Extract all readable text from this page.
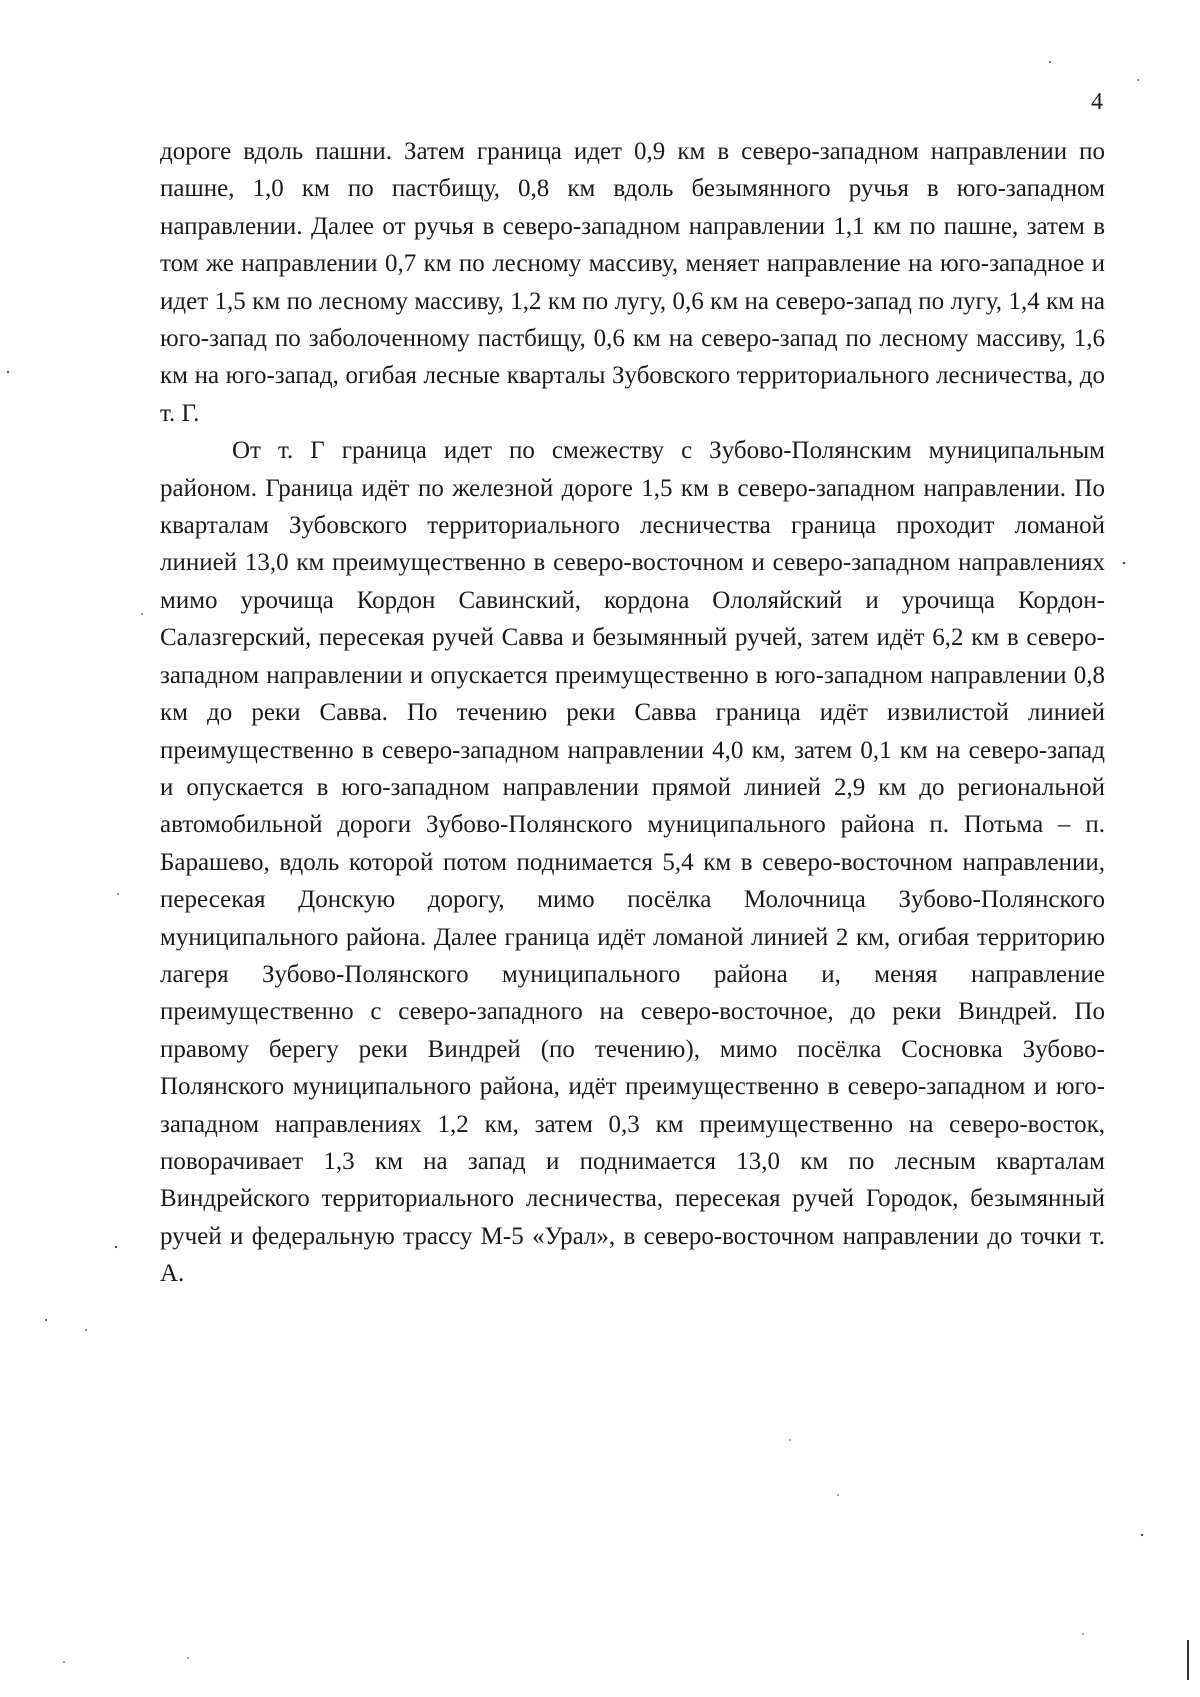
4

дороге вдоль пашни. Затем граница идет 0,9 км в северо-западном направлении по пашне, 1,0 км по пастбищу, 0,8 км вдоль безымянного ручья в юго-западном направлении. Далее от ручья в северо-западном направлении 1,1 км по пашне, затем в том же направлении 0,7 км по лесному массиву, меняет направление на юго-западное и идет 1,5 км по лесному массиву, 1,2 км по лугу, 0,6 км на северо-запад по лугу, 1,4 км на юго-запад по заболоченному пастбищу, 0,6 км на северо-запад по лесному массиву, 1,6 км на юго-запад, огибая лесные кварталы Зубовского территориального лесничества, до т. Г.

От т. Г граница идет по смежеству с Зубово-Полянским муниципальным районом. Граница идёт по железной дороге 1,5 км в северо-западном направлении. По кварталам Зубовского территориального лесничества граница проходит ломаной линией 13,0 км преимущественно в северо-восточном и северо-западном направлениях мимо урочища Кордон Савинский, кордона Ололяйский и урочища Кордон-Салазгерский, пересекая ручей Савва и безымянный ручей, затем идёт 6,2 км в северо-западном направлении и опускается преимущественно в юго-западном направлении 0,8 км до реки Савва. По течению реки Савва граница идёт извилистой линией преимущественно в северо-западном направлении 4,0 км, затем 0,1 км на северо-запад и опускается в юго-западном направлении прямой линией 2,9 км до региональной автомобильной дороги Зубово-Полянского муниципального района п. Потьма – п. Барашево, вдоль которой потом поднимается 5,4 км в северо-восточном направлении, пересекая Донскую дорогу, мимо посёлка Молочница Зубово-Полянского муниципального района. Далее граница идёт ломаной линией 2 км, огибая территорию лагеря Зубово-Полянского муниципального района и, меняя направление преимущественно с северо-западного на северо-восточное, до реки Виндрей. По правому берегу реки Виндрей (по течению), мимо посёлка Сосновка Зубово-Полянского муниципального района, идёт преимущественно в северо-западном и юго-западном направлениях 1,2 км, затем 0,3 км преимущественно на северо-восток, поворачивает 1,3 км на запад и поднимается 13,0 км по лесным кварталам Виндрейского территориального лесничества, пересекая ручей Городок, безымянный ручей и федеральную трассу М-5 «Урал», в северо-восточном направлении до точки т. А.
